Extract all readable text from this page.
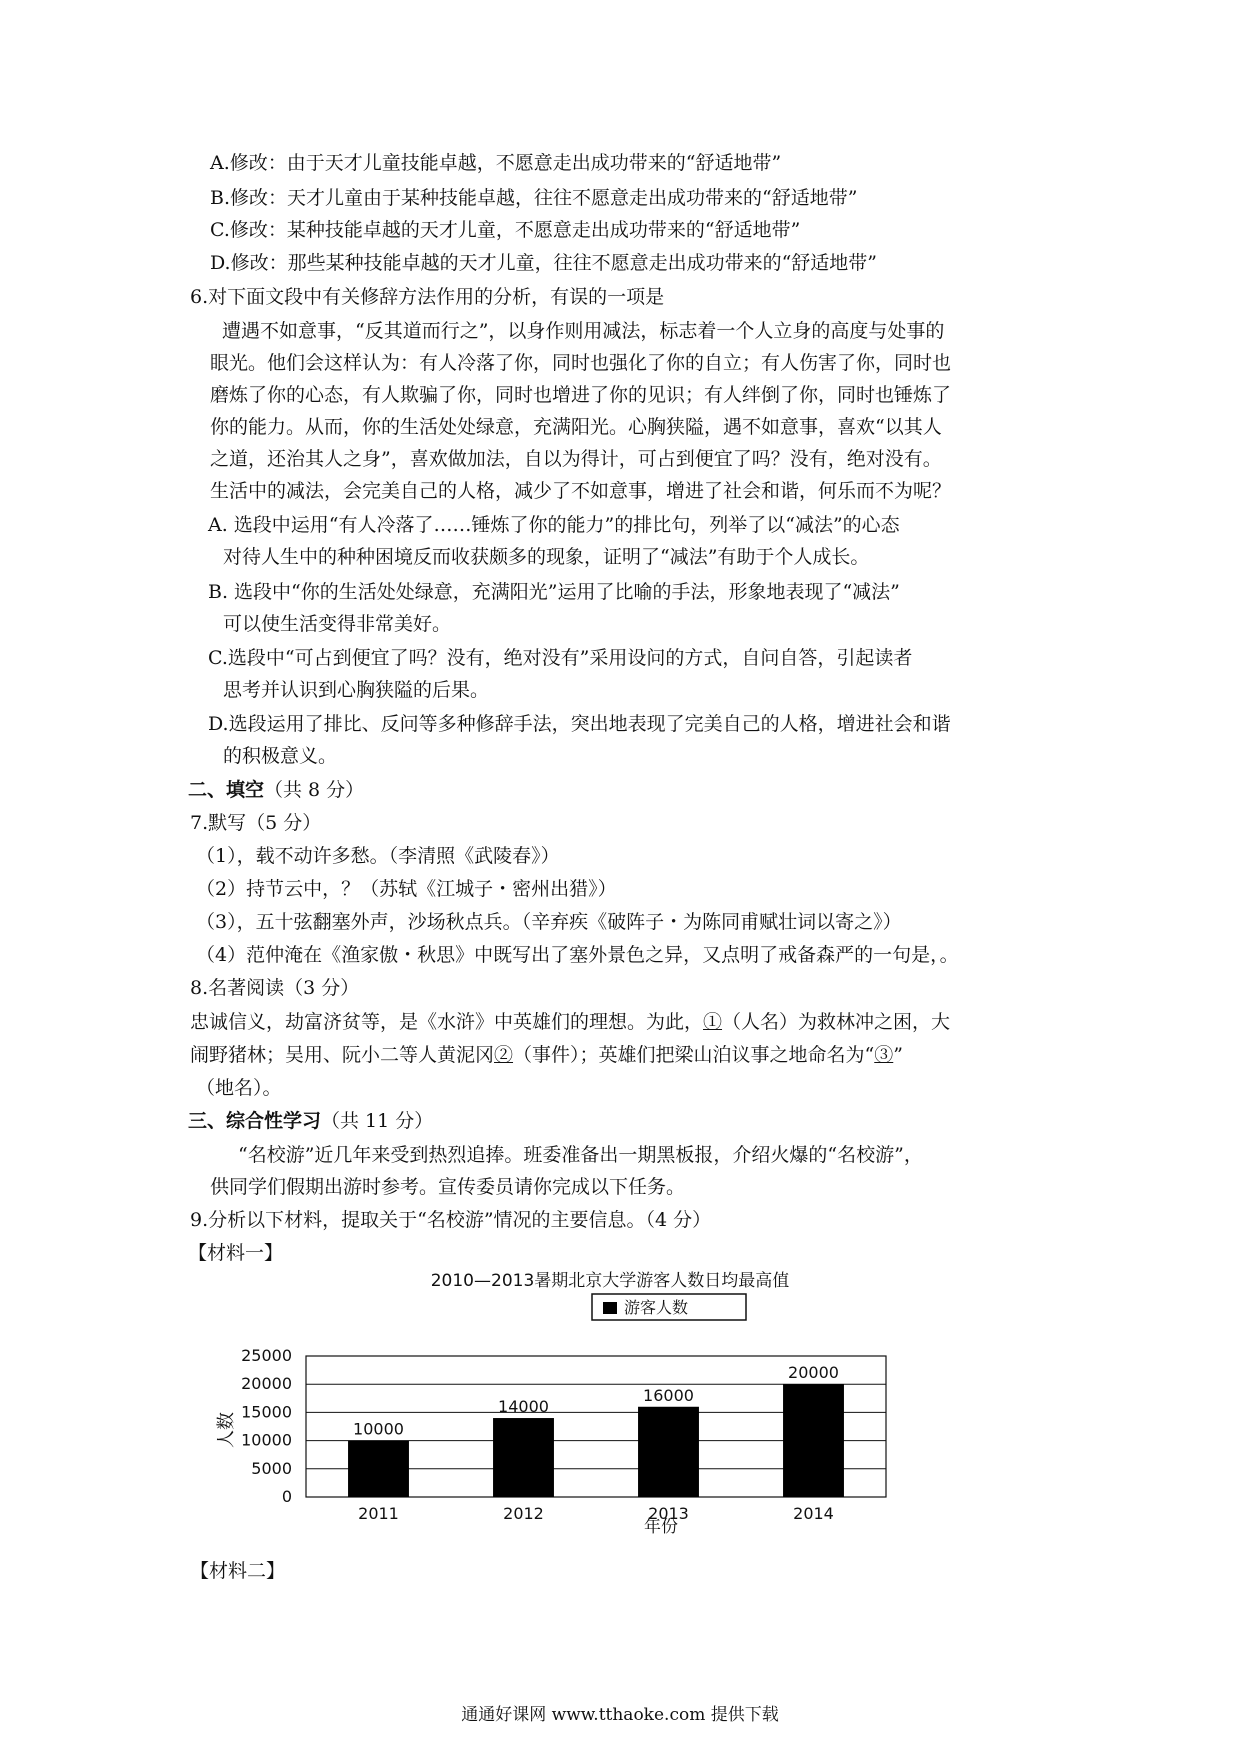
A.修改：由于天才儿童技能卓越，不愿意走出成功带来的“舒适地带”
B.修改：天才儿童由于某种技能卓越，往往不愿意走出成功带来的“舒适地带”
C.修改：某种技能卓越的天才儿童，不愿意走出成功带来的“舒适地带”
D.修改：那些某种技能卓越的天才儿童，往往不愿意走出成功带来的“舒适地带”
6.对下面文段中有关修辞方法作用的分析，有误的一项是
遭遇不如意事，“反其道而行之”，以身作则用减法，标志着一个人立身的高度与处事的
眼光。他们会这样认为：有人冷落了你，同时也强化了你的自立；有人伤害了你，同时也
磨炼了你的心态，有人欺骗了你，同时也增进了你的见识；有人绊倒了你，同时也锤炼了
你的能力。从而，你的生活处处绿意，充满阳光。心胸狭隘，遇不如意事，喜欢“以其人
之道，还治其人之身”，喜欢做加法，自以为得计，可占到便宜了吗？没有，绝对没有。
生活中的减法，会完美自己的人格，减少了不如意事，增进了社会和谐，何乐而不为呢？
A. 选段中运用“有人冷落了……锤炼了你的能力”的排比句，列举了以“减法”的心态
对待人生中的种种困境反而收获颇多的现象，证明了“减法”有助于个人成长。
B. 选段中“你的生活处处绿意，充满阳光”运用了比喻的手法，形象地表现了“减法”
可以使生活变得非常美好。
C.选段中“可占到便宜了吗？没有，绝对没有”采用设问的方式，自问自答，引起读者
思考并认识到心胸狭隘的后果。
D.选段运用了排比、反问等多种修辞手法，突出地表现了完美自己的人格，增进社会和谐
的积极意义。
二、填空（共 8 分）
7.默写（5 分）
（1），载不动许多愁。（李清照《武陵春》）
（2）持节云中，？（苏轼《江城子・密州出猎》）
（3），五十弦翻塞外声，沙场秋点兵。（辛弃疾《破阵子・为陈同甫赋壮词以寄之》）
（4）范仲淹在《渔家傲・秋思》中既写出了塞外景色之异，又点明了戒备森严的一句是，。
8.名著阅读（3 分）
忠诚信义，劫富济贫等，是《水浒》中英雄们的理想。为此，①（人名）为救林冲之困，大
闹野猪林；吴用、阮小二等人黄泥冈②（事件）；英雄们把梁山泊议事之地命名为“③”
（地名）。
三、综合性学习（共 11 分）
“名校游”近几年来受到热烈追捧。班委准备出一期黑板报，介绍火爆的“名校游”，
供同学们假期出游时参考。宣传委员请你完成以下任务。
9.分析以下材料，提取关于“名校游”情况的主要信息。（4 分）
【材料一】
2010—2013暑期北京大学游客人数日均最高值
游客人数
0
5000
10000
15000
20000
25000
10000
2011
14000
2012
16000
2013
20000
2014
人数
年份
【材料二】
通通好课网 www.tthaoke.com 提供下载
